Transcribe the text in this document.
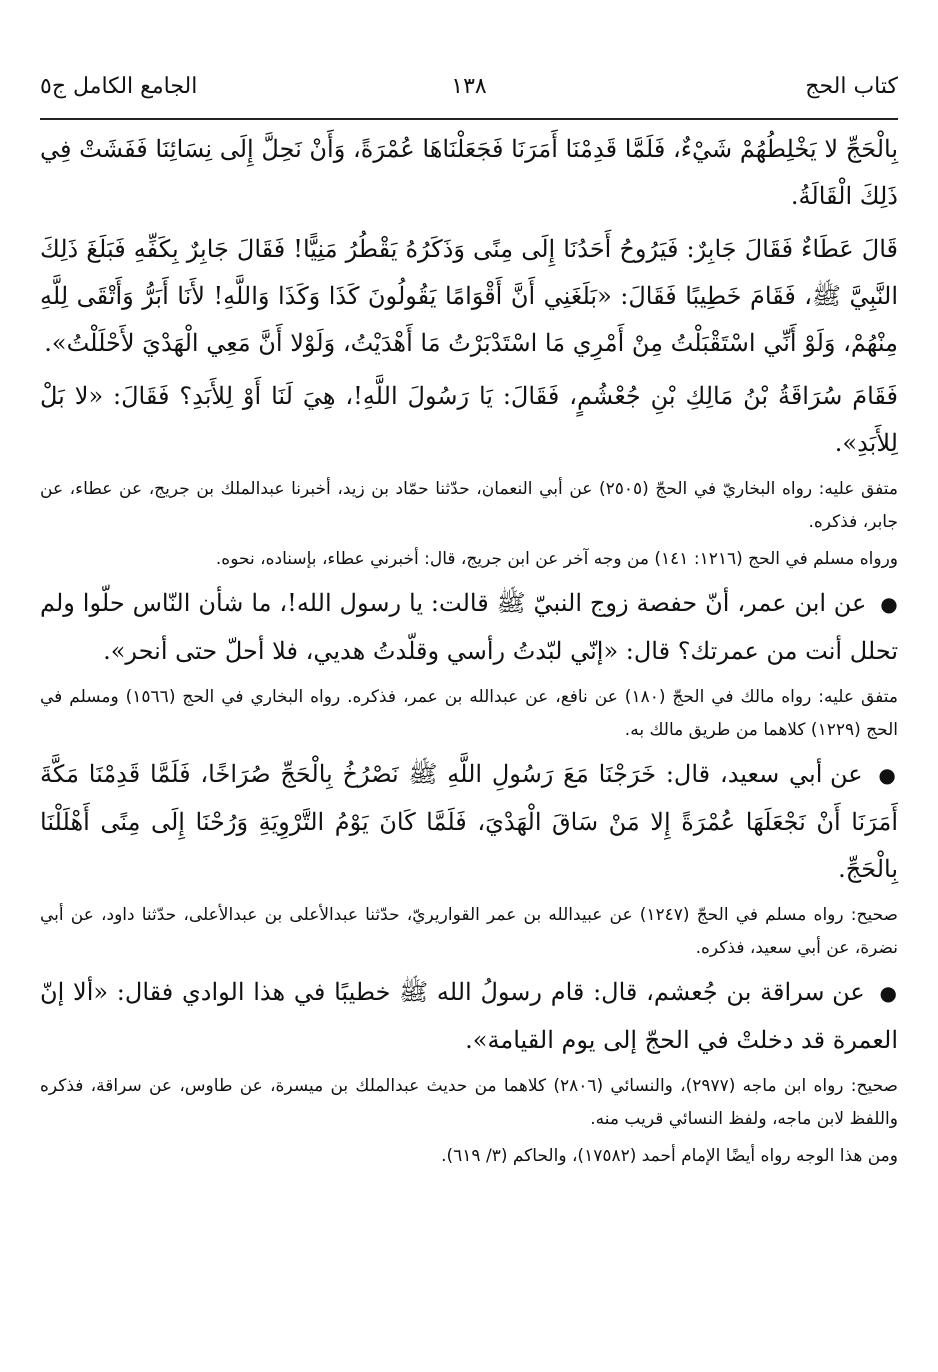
كتاب الحج
١٣٨
الجامع الكامل ج٥

بِالْحَجِّ لا يَخْلِطُهُمْ شَيْءٌ، فَلَمَّا قَدِمْنَا أَمَرَنَا فَجَعَلْنَاهَا عُمْرَةً، وَأَنْ نَحِلَّ إِلَى نِسَائِنَا فَفَشَتْ فِي ذَلِكَ الْقَالَةُ.

قَالَ عَطَاءٌ فَقَالَ جَابِرٌ: فَيَرُوحُ أَحَدُنَا إِلَى مِنًى وَذَكَرُهُ يَقْطُرُ مَنِيًّا! فَقَالَ جَابِرٌ بِكَفِّهِ فَبَلَغَ ذَلِكَ النَّبِيَّ ﷺ، فَقَامَ خَطِيبًا فَقَالَ: «بَلَغَنِي أَنَّ أَقْوَامًا يَقُولُونَ كَذَا وَكَذَا وَاللَّهِ! لأَنَا أَبَرُّ وَأَتْقَى لِلَّهِ مِنْهُمْ، وَلَوْ أَنِّي اسْتَقْبَلْتُ مِنْ أَمْرِي مَا اسْتَدْبَرْتُ مَا أَهْدَيْتُ، وَلَوْلا أَنَّ مَعِي الْهَدْيَ لأَحْلَلْتُ».

فَقَامَ سُرَاقَةُ بْنُ مَالِكِ بْنِ جُعْشُمٍ، فَقَالَ: يَا رَسُولَ اللَّهِ!، هِيَ لَنَا أَوْ لِلأَبَدِ؟ فَقَالَ: «لا بَلْ لِلأَبَدِ».

متفق عليه: رواه البخاريّ في الحجّ (٢٥٠٥) عن أبي النعمان، حدّثنا حمّاد بن زيد، أخبرنا عبدالملك بن جريج، عن عطاء، عن جابر، فذكره.

ورواه مسلم في الحج (١٢١٦: ١٤١) من وجه آخر عن ابن جريج، قال: أخبرني عطاء، بإسناده، نحوه.

● عن ابن عمر، أنّ حفصة زوج النبيّ ﷺ قالت: يا رسول الله!، ما شأن النّاس حلّوا ولم تحلل أنت من عمرتك؟ قال: «إنّي لبّدتُ رأسي وقلّدتُ هديي، فلا أحلّ حتى أنحر».

متفق عليه: رواه مالك في الحجّ (١٨٠) عن نافع، عن عبدالله بن عمر، فذكره. رواه البخاري في الحج (١٥٦٦) ومسلم في الحج (١٢٢٩) كلاهما من طريق مالك به.

● عن أبي سعيد، قال: خَرَجْنَا مَعَ رَسُولِ اللَّهِ ﷺ نَصْرُخُ بِالْحَجِّ صُرَاخًا، فَلَمَّا قَدِمْنَا مَكَّةَ أَمَرَنَا أَنْ نَجْعَلَهَا عُمْرَةً إِلا مَنْ سَاقَ الْهَدْيَ، فَلَمَّا كَانَ يَوْمُ التَّرْوِيَةِ وَرُحْنَا إِلَى مِنًى أَهْلَلْنَا بِالْحَجِّ.

صحيح: رواه مسلم في الحجّ (١٢٤٧) عن عبيدالله بن عمر القواريريّ، حدّثنا عبدالأعلى بن عبدالأعلى، حدّثنا داود، عن أبي نضرة، عن أبي سعيد، فذكره.

● عن سراقة بن جُعشم، قال: قام رسولُ الله ﷺ خطيبًا في هذا الوادي فقال: «ألا إنّ العمرة قد دخلتْ في الحجّ إلى يوم القيامة».

صحيح: رواه ابن ماجه (٢٩٧٧)، والنسائي (٢٨٠٦) كلاهما من حديث عبدالملك بن ميسرة، عن طاوس، عن سراقة، فذكره واللفظ لابن ماجه، ولفظ النسائي قريب منه.

ومن هذا الوجه رواه أيضًا الإمام أحمد (١٧٥٨٢)، والحاكم (٣/ ٦١٩).
